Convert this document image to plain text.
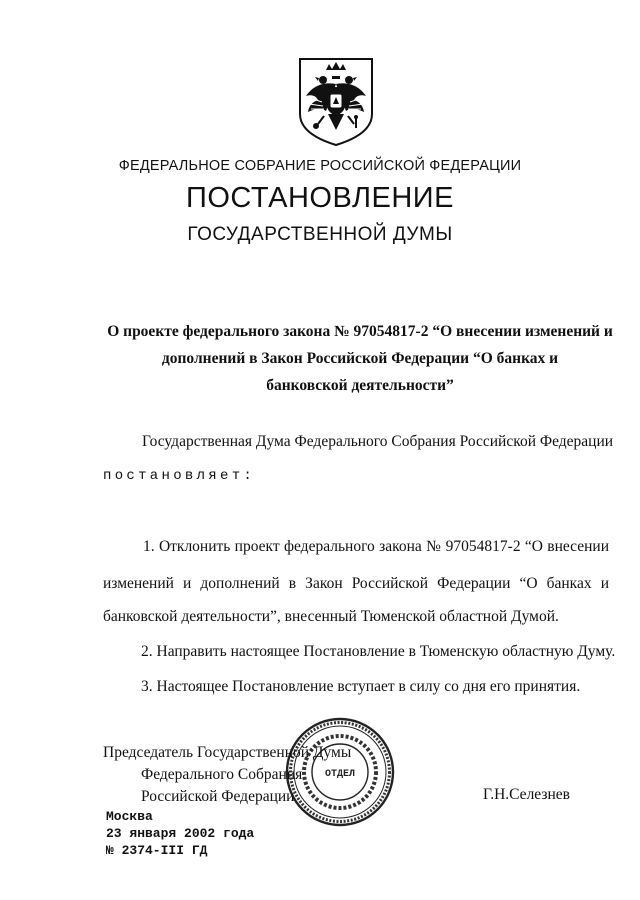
ФЕДЕРАЛЬНОЕ СОБРАНИЕ РОССИЙСКОЙ ФЕДЕРАЦИИ
ПОСТАНОВЛЕНИЕ
ГОСУДАРСТВЕННОЙ ДУМЫ
О проекте федерального закона № 97054817-2 “О внесении изменений и
дополнений в Закон Российской Федерации “О банках и
банковской деятельности”
Государственная Дума Федерального Собрания Российской Федерации
постановляет:
1. Отклонить проект федерального закона № 97054817-2 “О внесении
изменений и дополнений в Закон Российской Федерации “О банках и
банковской деятельности”, внесенный Тюменской областной Думой.
2. Направить настоящее Постановление в Тюменскую областную Думу.
3. Настоящее Постановление вступает в силу со дня его принятия.
Председатель Государственной Думы
Федерального Собрания
Российской Федерации	Г.Н.Селезнев
ОТДЕЛ
Москва
23 января 2002 года
№ 2374-III ГД
